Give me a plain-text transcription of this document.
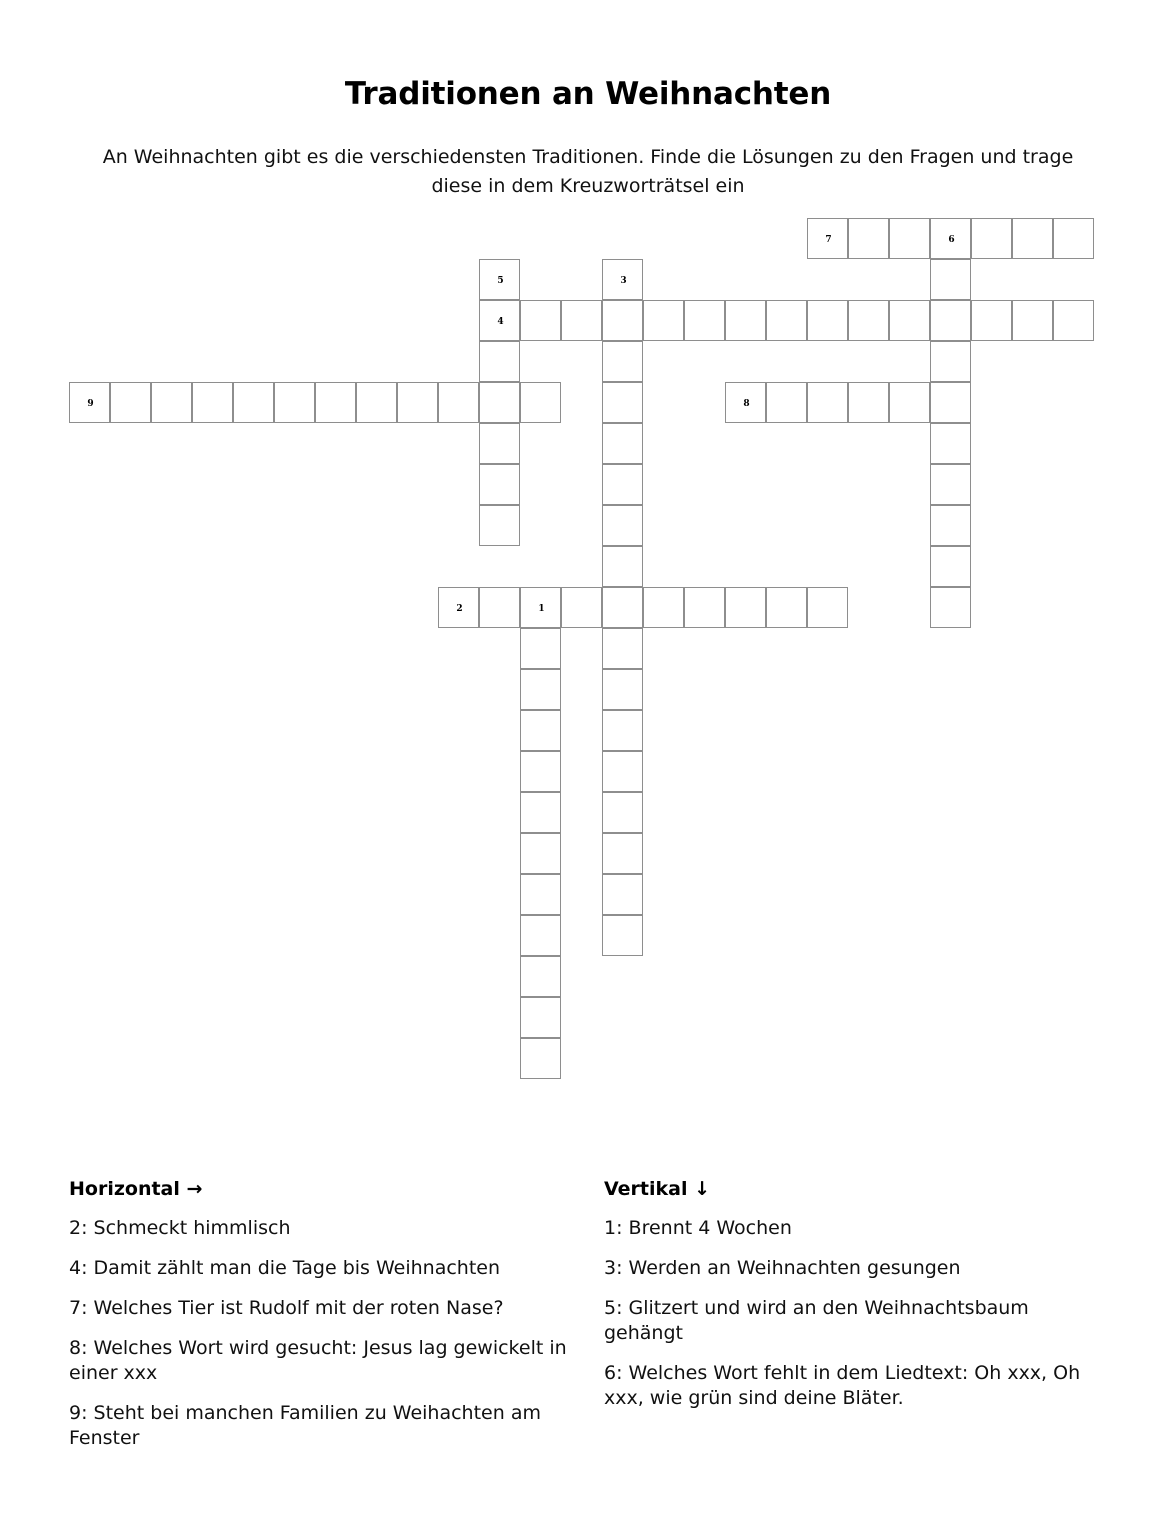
Traditionen an Weihnachten
An Weihnachten gibt es die verschiedensten Traditionen. Finde die Lösungen zu den Fragen und trage diese in dem Kreuzworträtsel ein
7	6
5	3
4
9	8
2	1
Horizontal →
2: Schmeckt himmlisch
4: Damit zählt man die Tage bis Weihnachten
7: Welches Tier ist Rudolf mit der roten Nase?
8: Welches Wort wird gesucht: Jesus lag gewickelt in einer xxx
9: Steht bei manchen Familien zu Weihachten am Fenster
Vertikal ↓
1: Brennt 4 Wochen
3: Werden an Weihnachten gesungen
5: Glitzert und wird an den Weihnachtsbaum gehängt
6: Welches Wort fehlt in dem Liedtext: Oh xxx, Oh xxx, wie grün sind deine Bläter.
